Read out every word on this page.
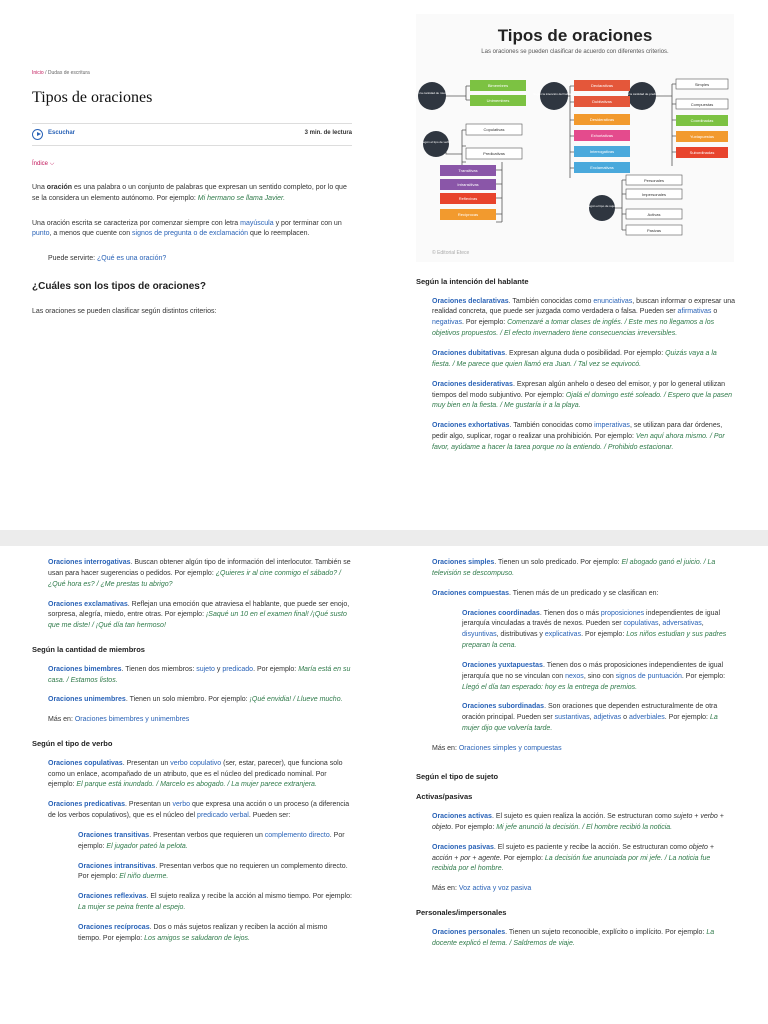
Inicio / Dudas de escritura
Tipos de oraciones
Escuchar	3 min. de lectura
Índice ⌵

Una oración es una palabra o un conjunto de palabras que expresan un sentido completo, por lo que se la considera un elemento autónomo. Por ejemplo: Mi hermano se llama Javier.

Una oración escrita se caracteriza por comenzar siempre con letra mayúscula y por terminar con un punto, a menos que cuente con signos de pregunta o de exclamación que lo reemplacen.

Puede servirte: ¿Qué es una oración?

¿Cuáles son los tipos de oraciones?

Las oraciones se pueden clasificar según distintos criterios:

Tipos de oraciones
Las oraciones se pueden clasificar de acuerdo con diferentes criterios.
Según la cantidad de miembros
Según el tipo de verbo
Según la intención del hablante	Según la cantidad de predicados
Según el tipo de sujeto
Bimembres
Unimembres
Copulativas
Predicativas
Transitivas
Intransitivas
Reflexivas
Recíprocas
Declarativas
Dubitativas
Desiderativas
Exhortativas
Interrogativas
Exclamativas
Simples
Compuestas
Coordinadas
Yuxtapuestas
Subordinadas
Personales
Impersonales
Activas
Pasivas
© Editorial Etece
Según la intención del hablante

Oraciones declarativas. También conocidas como enunciativas, buscan informar o expresar una realidad concreta, que puede ser juzgada como verdadera o falsa. Pueden ser afirmativas o negativas. Por ejemplo: Comenzaré a tomar clases de inglés. / Este mes no llegamos a los objetivos propuestos. / El efecto invernadero tiene consecuencias irreversibles.

Oraciones dubitativas. Expresan alguna duda o posibilidad. Por ejemplo: Quizás vaya a la fiesta. / Me parece que quien llamó era Juan. / Tal vez se equivocó.

Oraciones desiderativas. Expresan algún anhelo o deseo del emisor, y por lo general utilizan tiempos del modo subjuntivo. Por ejemplo: Ojalá el domingo esté soleado. / Espero que la pasen muy bien en la fiesta. / Me gustaría ir a la playa.

Oraciones exhortativas. También conocidas como imperativas, se utilizan para dar órdenes, pedir algo, suplicar, rogar o realizar una prohibición. Por ejemplo: Ven aquí ahora mismo. / Por favor, ayúdame a hacer la tarea porque no la entiendo. / Prohibido estacionar.

Oraciones interrogativas. Buscan obtener algún tipo de información del interlocutor. También se usan para hacer sugerencias o pedidos. Por ejemplo: ¿Quieres ir al cine conmigo el sábado? / ¿Qué hora es? / ¿Me prestas tu abrigo?

Oraciones exclamativas. Reflejan una emoción que atraviesa el hablante, que puede ser enojo, sorpresa, alegría, miedo, entre otras. Por ejemplo: ¡Saqué un 10 en el examen final! /¡Qué susto que me diste! / ¡Qué día tan hermoso!

Según la cantidad de miembros

Oraciones bimembres. Tienen dos miembros: sujeto y predicado. Por ejemplo: María está en su casa. / Estamos listos.

Oraciones unimembres. Tienen un solo miembro. Por ejemplo: ¡Qué envidia! / Llueve mucho.

Más en: Oraciones bimembres y unimembres

Según el tipo de verbo

Oraciones copulativas. Presentan un verbo copulativo (ser, estar, parecer), que funciona solo como un enlace, acompañado de un atributo, que es el núcleo del predicado nominal. Por ejemplo: El parque está inundado. / Marcelo es abogado. / La mujer parece extranjera.

Oraciones predicativas. Presentan un verbo que expresa una acción o un proceso (a diferencia de los verbos copulativos), que es el núcleo del predicado verbal. Pueden ser:

Oraciones transitivas. Presentan verbos que requieren un complemento directo. Por ejemplo: El jugador pateó la pelota.

Oraciones intransitivas. Presentan verbos que no requieren un complemento directo. Por ejemplo: El niño duerme.

Oraciones reflexivas. El sujeto realiza y recibe la acción al mismo tiempo. Por ejemplo: La mujer se peina frente al espejo.

Oraciones recíprocas. Dos o más sujetos realizan y reciben la acción al mismo tiempo. Por ejemplo: Los amigos se saludaron de lejos.

Oraciones simples. Tienen un solo predicado. Por ejemplo: El abogado ganó el juicio. / La televisión se descompuso.

Oraciones compuestas. Tienen más de un predicado y se clasifican en:

Oraciones coordinadas. Tienen dos o más proposiciones independientes de igual jerarquía vinculadas a través de nexos. Pueden ser copulativas, adversativas, disyuntivas, distributivas y explicativas. Por ejemplo: Los niños estudian y sus padres preparan la cena.

Oraciones yuxtapuestas. Tienen dos o más proposiciones independientes de igual jerarquía que no se vinculan con nexos, sino con signos de puntuación. Por ejemplo: Llegó el día tan esperado: hoy es la entrega de premios.

Oraciones subordinadas. Son oraciones que dependen estructuralmente de otra oración principal. Pueden ser sustantivas, adjetivas o adverbiales. Por ejemplo: La mujer dijo que volvería tarde.

Más en: Oraciones simples y compuestas

Según el tipo de sujeto
Activas/pasivas

Oraciones activas. El sujeto es quien realiza la acción. Se estructuran como sujeto + verbo + objeto. Por ejemplo: Mi jefe anunció la decisión. / El hombre recibió la noticia.

Oraciones pasivas. El sujeto es paciente y recibe la acción. Se estructuran como objeto + acción + por + agente. Por ejemplo: La decisión fue anunciada por mi jefe. / La noticia fue recibida por el hombre.

Más en: Voz activa y voz pasiva

Personales/impersonales

Oraciones personales. Tienen un sujeto reconocible, explícito o implícito. Por ejemplo: La docente explicó el tema. / Saldremos de viaje.
